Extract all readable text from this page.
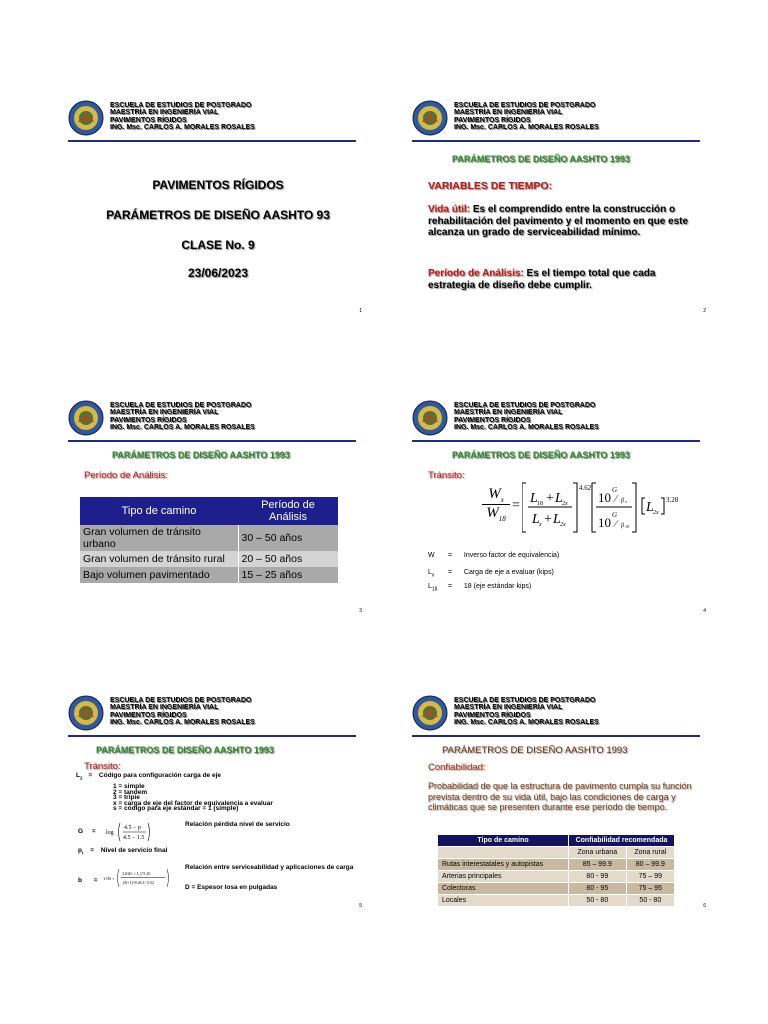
ESCUELA DE ESTUDIOS DE POSTGRADO
MAESTRÍA EN INGENIERÍA VIAL
PAVIMENTOS RÍGIDOS
ING. Msc. CARLOS A. MORALES ROSALES
PAVIMENTOS RÍGIDOS
PARÁMETROS DE DISEÑO AASHTO 93
CLASE No. 9
23/06/2023
1
ESCUELA DE ESTUDIOS DE POSTGRADO
MAESTRÍA EN INGENIERÍA VIAL
PAVIMENTOS RÍGIDOS
ING. Msc. CARLOS A. MORALES ROSALES
PARÁMETROS DE DISEÑO AASHTO 1993
VARIABLES DE TIEMPO:
Vida útil: Es el comprendido entre la construcción o rehabilitación del pavimento y el momento en que este alcanza un grado de serviceabilidad mínimo.
Período de Análisis: Es el tiempo total que cada estrategia de diseño debe cumplir.
2
ESCUELA DE ESTUDIOS DE POSTGRADO
MAESTRÍA EN INGENIERÍA VIAL
PAVIMENTOS RÍGIDOS
ING. Msc. CARLOS A. MORALES ROSALES
PARÁMETROS DE DISEÑO AASHTO 1993
Período de Análisis:
Tipo de camino	Período de Análisis
Gran volumen de tránsito urbano	30 – 50 años
Gran volumen de tránsito rural	20 – 50 años
Bajo volumen pavimentado	15 – 25 años
3
ESCUELA DE ESTUDIOS DE POSTGRADO
MAESTRÍA EN INGENIERÍA VIAL
PAVIMENTOS RÍGIDOS
ING. Msc. CARLOS A. MORALES ROSALES
PARÁMETROS DE DISEÑO AASHTO 1993
Tránsito:
$W_x$
$W_{18}$
= L 18 + L 2x
L x + L 2x
4.62
10 G
⁄ β x
10 G
⁄ β 18
L 2x
3.28
W = Inverso factor de equivalencia)
$L_x$ = Carga de eje a evaluar (kips)
$L_{18} = 18$ (eje estándar kips)
4
ESCUELA DE ESTUDIOS DE POSTGRADO
MAESTRÍA EN INGENIERÍA VIAL
PAVIMENTOS RÍGIDOS
ING. Msc. CARLOS A. MORALES ROSALES
PARÁMETROS DE DISEÑO AASHTO 1993
Tránsito:
$L_2$ = Código para configuración carga de eje
1 = simple
2 = tandem
3 = tripie
x = carga de eje del factor de equivalencia a evaluar
s = código para eje estándar = 1 (simple)
Relación pérdida nivel de servicio
G = log
4.5 − p
4.5 − 1.5
$p_t$ = Nivel de servicio final
b = 1.00 +
3.63(L + L )^5.20
(D+1)^8.46 L^3.52
Relación entre serviceabilidad y aplicaciones de carga
D = Espesor losa en pulgadas
5
ESCUELA DE ESTUDIOS DE POSTGRADO
MAESTRÍA EN INGENIERÍA VIAL
PAVIMENTOS RÍGIDOS
ING. Msc. CARLOS A. MORALES ROSALES
PARÁMETROS DE DISEÑO AASHTO 1993
Confiabilidad:
Probabilidad de que la estructura de pavimento cumpla su función prevista dentro de su vida útil, bajo las condiciones de carga y climáticas que se presenten durante ese período de tiempo.
Tipo de camino	Confiabilidad recomendada	
	Zona urbana	Zona rural
Rutas interestatales y autopistas	85 – 99.9	80 – 99.9
Arterias principales	80 - 99	75 – 99
Colectoras	80 - 95	75 – 95
Locales	50 - 80	50 - 80
6
